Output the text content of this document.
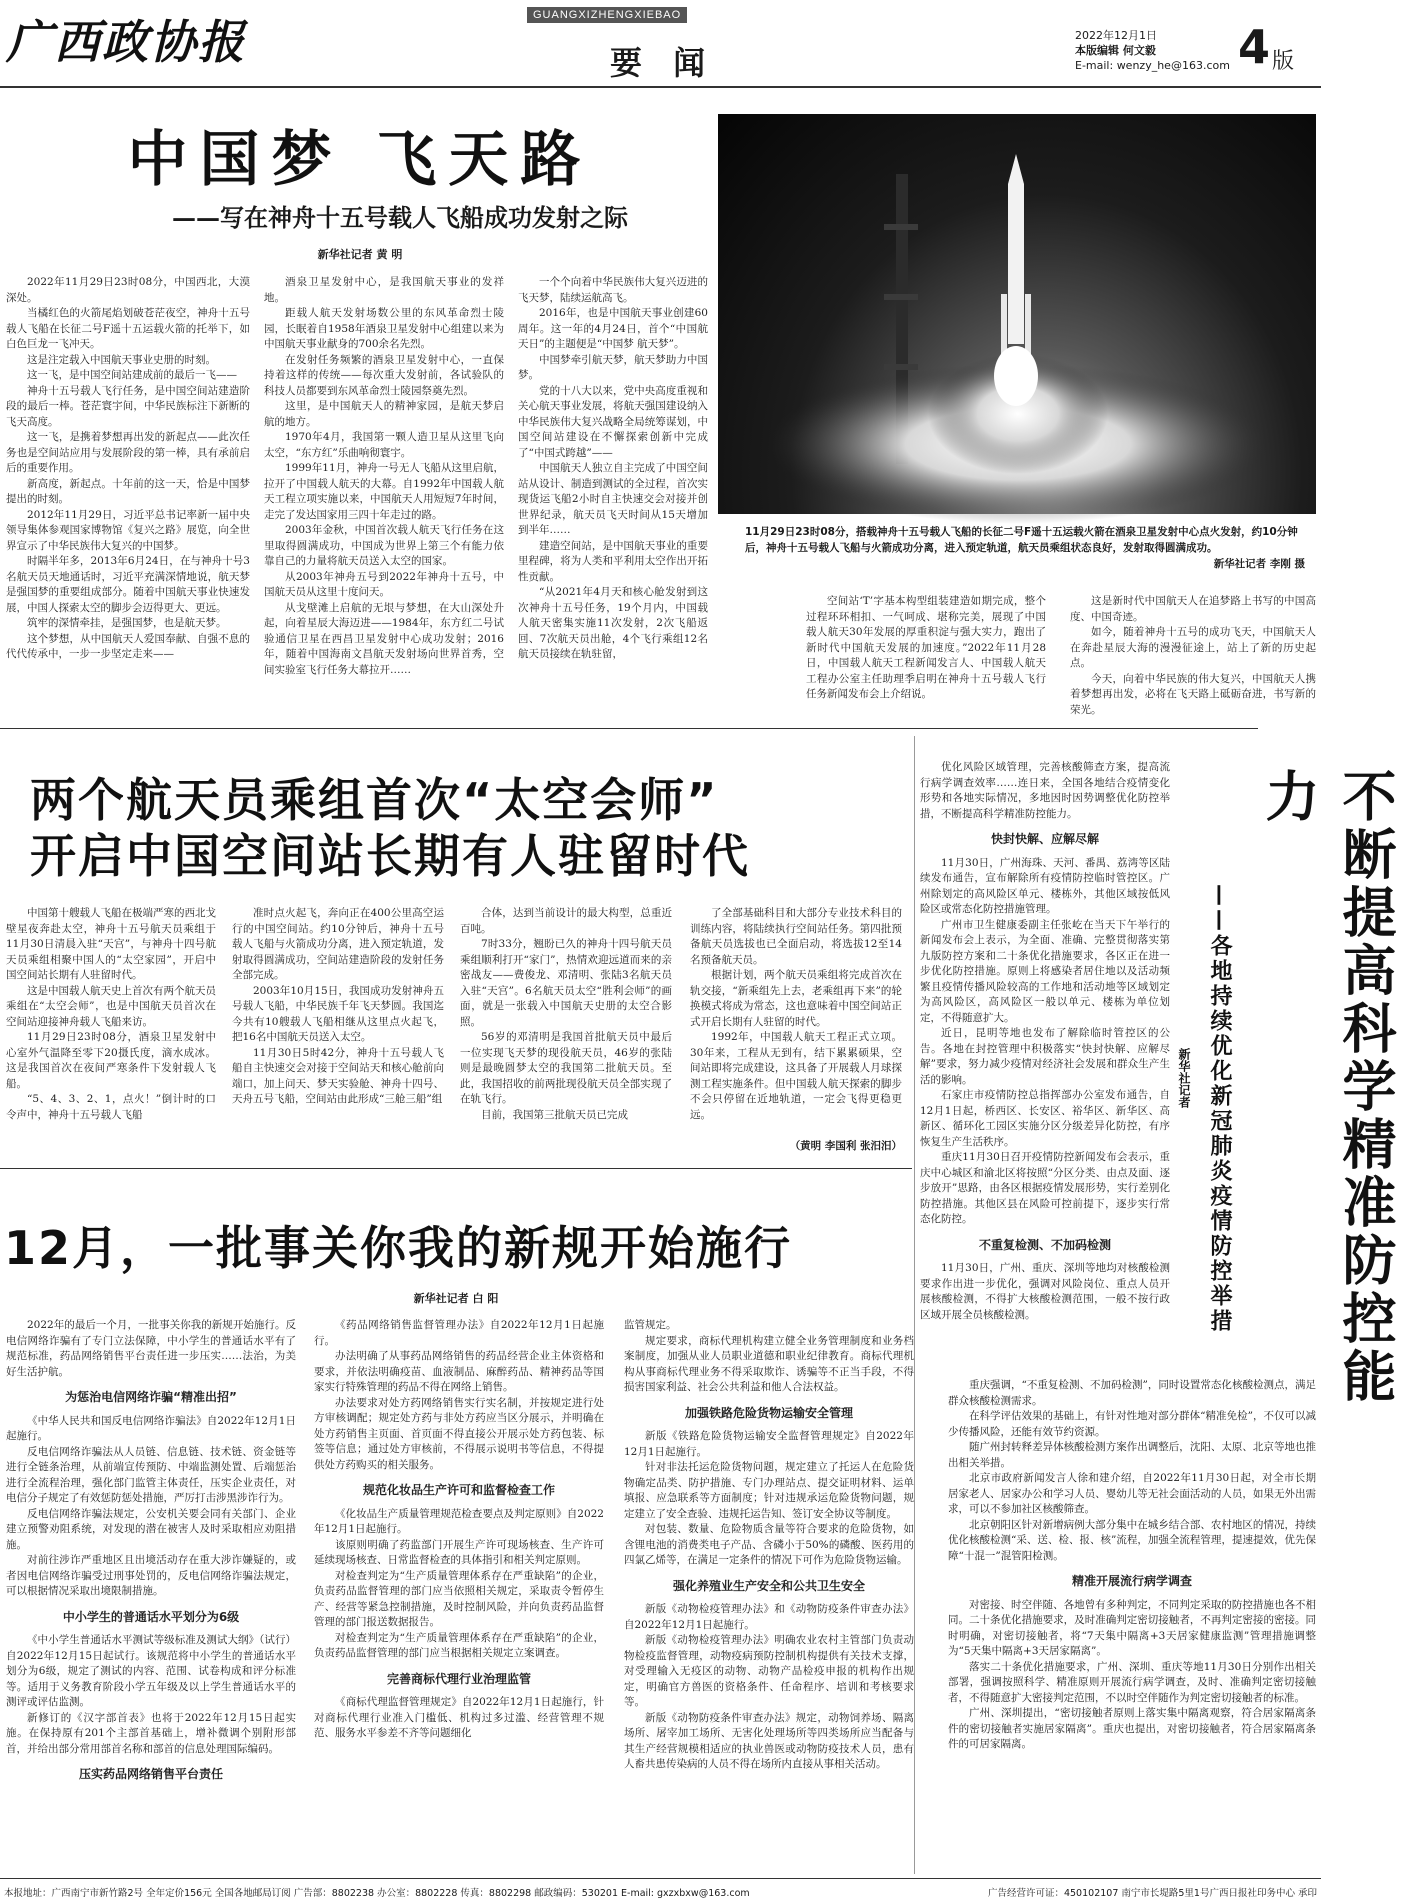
广西政协报	GUANGXIZHENGXIEBAO
要 闻
2022年12月1日
本版编辑 何文毅
E-mail: wenzy_he@163.com 4 版
中国梦 飞天路
——写在神舟十五号载人飞船成功发射之际
新华社记者 黄 明

2022年11月29日23时08分，中国西北，大漠深处。

当橘红色的火箭尾焰划破苍茫夜空，神舟十五号载人飞船在长征二号F遥十五运载火箭的托举下，如白色巨龙一飞冲天。

这是注定载入中国航天事业史册的时刻。

这一飞，是中国空间站建成前的最后一飞——

神舟十五号载人飞行任务，是中国空间站建造阶段的最后一棒。苍茫寰宇间，中华民族标注下新断的飞天高度。

这一飞，是携着梦想再出发的新起点——此次任务也是空间站应用与发展阶段的第一棒，具有承前启后的重要作用。

新高度，新起点。十年前的这一天，恰是中国梦提出的时刻。

2012年11月29日，习近平总书记率新一届中央领导集体参观国家博物馆《复兴之路》展览，向全世界宣示了中华民族伟大复兴的中国梦。

时隔半年多，2013年6月24日，在与神舟十号3名航天员天地通话时，习近平充满深情地说，航天梦是强国梦的重要组成部分。随着中国航天事业快速发展，中国人探索太空的脚步会迈得更大、更远。

筑牢的深情牵挂，是强国梦，也是航天梦。

这个梦想，从中国航天人爱国奉献、自强不息的代代传承中，一步一步坚定走来——

酒泉卫星发射中心，是我国航天事业的发祥地。

距载人航天发射场数公里的东风革命烈士陵园，长眠着自1958年酒泉卫星发射中心组建以来为中国航天事业献身的700余名先烈。

在发射任务频繁的酒泉卫星发射中心，一直保持着这样的传统——每次重大发射前，各试验队的科技人员都要到东风革命烈士陵园祭奠先烈。

这里，是中国航天人的精神家园，是航天梦启航的地方。

1970年4月，我国第一颗人造卫星从这里飞向太空，“东方红”乐曲响彻寰宇。

1999年11月，神舟一号无人飞船从这里启航，拉开了中国载人航天的大幕。自1992年中国载人航天工程立项实施以来，中国航天人用短短7年时间，走完了发达国家用三四十年走过的路。

2003年金秋，中国首次载人航天飞行任务在这里取得圆满成功，中国成为世界上第三个有能力依靠自己的力量将航天员送入太空的国家。

从2003年神舟五号到2022年神舟十五号，中国航天员从这里十度问天。

从戈壁滩上启航的无垠与梦想，在大山深处升起，向着星辰大海迈进——1984年，东方红二号试验通信卫星在西昌卫星发射中心成功发射；2016年，随着中国海南文昌航天发射场向世界首秀，空间实验室飞行任务大幕拉开……

一个个向着中华民族伟大复兴迈进的飞天梦，陆续运航高飞。

2016年，也是中国航天事业创建60周年。这一年的4月24日，首个“中国航天日”的主题便是“中国梦 航天梦”。

中国梦牵引航天梦，航天梦助力中国梦。

党的十八大以来，党中央高度重视和关心航天事业发展，将航天强国建设纳入中华民族伟大复兴战略全局统筹谋划，中国空间站建设在不懈探索创新中完成了“中国式跨越”——

中国航天人独立自主完成了中国空间站从设计、制造到测试的全过程，首次实现货运飞船2小时自主快速交会对接并创世界纪录，航天员飞天时间从15天增加到半年……

建造空间站，是中国航天事业的重要里程碑，将为人类和平利用太空作出开拓性贡献。

“从2021年4月天和核心舱发射到这次神舟十五号任务，19个月内，中国载人航天密集实施11次发射，2次飞船返回、7次航天员出舱，4个飞行乘组12名航天员接续在轨驻留，

11月29日23时08分，搭载神舟十五号载人飞船的长征二号F遥十五运载火箭在酒泉卫星发射中心点火发射，约10分钟后，神舟十五号载人飞船与火箭成功分离，进入预定轨道，航天员乘组状态良好，发射取得圆满成功。
新华社记者 李刚 摄

空间站‘T’字基本构型组装建造如期完成，整个过程环环相扣、一气呵成、堪称完美，展现了中国载人航天30年发展的厚重积淀与强大实力，跑出了新时代中国航天发展的加速度。”2022年11月28日，中国载人航天工程新闻发言人、中国载人航天工程办公室主任助理季启明在神舟十五号载人飞行任务新闻发布会上介绍说。

这是新时代中国航天人在追梦路上书写的中国高度、中国奇迹。

如今，随着神舟十五号的成功飞天，中国航天人在奔赴星辰大海的漫漫征途上，站上了新的历史起点。

今天，向着中华民族的伟大复兴，中国航天人携着梦想再出发，必将在飞天路上砥砺奋进，书写新的荣光。

两个航天员乘组首次“太空会师”
开启中国空间站长期有人驻留时代

中国第十艘载人飞船在极端严寒的西北戈壁星夜奔赴太空，神舟十五号航天员乘组于11月30日清晨入驻“天宫”，与神舟十四号航天员乘组相聚中国人的“太空家园”，开启中国空间站长期有人驻留时代。

这是中国载人航天史上首次有两个航天员乘组在“太空会师”，也是中国航天员首次在空间站迎接神舟载人飞船来访。

11月29日23时08分，酒泉卫星发射中心室外气温降至零下20摄氏度，滴水成冰。这是我国首次在夜间严寒条件下发射载人飞船。

“5、4、3、2、1，点火！”倒计时的口令声中，神舟十五号载人飞船

准时点火起飞，奔向正在400公里高空运行的中国空间站。约10分钟后，神舟十五号载人飞船与火箭成功分离，进入预定轨道，发射取得圆满成功，空间站建造阶段的发射任务全部完成。

2003年10月15日，我国成功发射神舟五号载人飞船，中华民族千年飞天梦圆。我国迄今共有10艘载人飞船相继从这里点火起飞，把16名中国航天员送入太空。

11月30日5时42分，神舟十五号载人飞船自主快速交会对接于空间站天和核心舱前向端口，加上问天、梦天实验舱、神舟十四号、天舟五号飞船，空间站由此形成“三舱三船”组

合体，达到当前设计的最大构型，总重近百吨。

7时33分，翘盼已久的神舟十四号航天员乘组顺利打开“家门”，热情欢迎远道而来的亲密战友——费俊龙、邓清明、张陆3名航天员入驻“天宫”。6名航天员太空“胜利会师”的画面，就是一张载入中国航天史册的太空合影照。

56岁的邓清明是我国首批航天员中最后一位实现飞天梦的现役航天员，46岁的张陆则是最晚圆梦太空的我国第二批航天员。至此，我国招收的前两批现役航天员全部实现了在轨飞行。

目前，我国第三批航天员已完成

了全部基础科目和大部分专业技术科目的训练内容，将陆续执行空间站任务。第四批预备航天员选拔也已全面启动，将选拔12至14名预备航天员。

根据计划，两个航天员乘组将完成首次在轨交接，“新乘组先上去，老乘组再下来”的轮换模式将成为常态，这也意味着中国空间站正式开启长期有人驻留的时代。

1992年，中国载人航天工程正式立项。30年来，工程从无到有，结下累累硕果，空间站即将完成建设，这具备了开展载人月球探测工程实施条件。但中国载人航天探索的脚步不会只停留在近地轨道，一定会飞得更稳更远。

（黄明 李国利 张汨汨）
12月，一批事关你我的新规开始施行
新华社记者 白 阳

2022年的最后一个月，一批事关你我的新规开始施行。反电信网络诈骗有了专门立法保障，中小学生的普通话水平有了规范标准，药品网络销售平台责任进一步压实……法治，为美好生活护航。

为惩治电信网络诈骗“精准出招”

《中华人民共和国反电信网络诈骗法》自2022年12月1日起施行。

反电信网络诈骗法从人员链、信息链、技术链、资金链等进行全链条治理，从前端宣传预防、中端监测处置、后端惩治进行全流程治理，强化部门监管主体责任，压实企业责任，对电信分子规定了有效惩防惩处措施，严厉打击涉黑涉诈行为。

反电信网络诈骗法规定，公安机关要会同有关部门、企业建立预警劝阻系统，对发现的潜在被害人及时采取相应劝阻措施。

对前往涉诈严重地区且出境活动存在重大涉诈嫌疑的，或者因电信网络诈骗受过刑事处罚的，反电信网络诈骗法规定，可以根据情况采取出境限制措施。

中小学生的普通话水平划分为6级

《中小学生普通话水平测试等级标准及测试大纲》（试行）自2022年12月15日起试行。该规范将中小学生的普通话水平划分为6级，规定了测试的内容、范围、试卷构成和评分标准等。适用于义务教育阶段小学五年级及以上学生普通话水平的测评或评估监测。

新修订的《汉字部首表》也将于2022年12月15日起实施。在保持原有201个主部首基础上，增补微调个别附形部首，并给出部分常用部首名称和部首的信息处理国际编码。

压实药品网络销售平台责任

《药品网络销售监督管理办法》自2022年12月1日起施行。

办法明确了从事药品网络销售的药品经营企业主体资格和要求，并依法明确疫苗、血液制品、麻醉药品、精神药品等国家实行特殊管理的药品不得在网络上销售。

办法要求对处方药网络销售实行实名制，并按规定进行处方审核调配；规定处方药与非处方药应当区分展示，并明确在处方药销售主页面、首页面不得直接公开展示处方药包装、标签等信息；通过处方审核前，不得展示说明书等信息，不得提供处方药购买的相关服务。

规范化妆品生产许可和监督检查工作

《化妆品生产质量管理规范检查要点及判定原则》自2022年12月1日起施行。

该原则明确了药监部门开展生产许可现场核查、生产许可延续现场核查、日常监督检查的具体指引和相关判定原则。

对检查判定为“生产质量管理体系存在严重缺陷”的企业，负责药品监督管理的部门应当依照相关规定，采取责令暂停生产、经营等紧急控制措施，及时控制风险，并向负责药品监督管理的部门报送数据报告。

对检查判定为“生产质量管理体系存在严重缺陷”的企业，负责药品监督管理的部门应当根据相关规定立案调查。

完善商标代理行业治理监管

《商标代理监督管理规定》自2022年12月1日起施行，针对商标代理行业准入门槛低、机构过多过滥、经营管理不规范、服务水平参差不齐等问题细化

监管规定。

规定要求，商标代理机构建立健全业务管理制度和业务档案制度，加强从业人员职业道德和职业纪律教育。商标代理机构从事商标代理业务不得采取欺诈、诱骗等不正当手段，不得损害国家利益、社会公共利益和他人合法权益。

加强铁路危险货物运输安全管理

新版《铁路危险货物运输安全监督管理规定》自2022年12月1日起施行。

针对非法托运危险货物问题，规定建立了托运人在危险货物确定品类、防护措施、专门办理站点、提交证明材料、运单填报、应急联系等方面制度；针对违规承运危险货物问题，规定建立了安全查验、违规托运告知、签订安全协议等制度。

对包装、数量、危险物质含量等符合要求的危险货物，如含锂电池的消费类电子产品、含磷小于50%的磷酸、医药用的四氯乙烯等，在满足一定条件的情况下可作为危险货物运输。

强化养殖业生产安全和公共卫生安全

新版《动物检疫管理办法》和《动物防疫条件审查办法》自2022年12月1日起施行。

新版《动物检疫管理办法》明确农业农村主管部门负责动物检疫监督管理，动物疫病预防控制机构提供有关技术支撑，对受理输入无疫区的动物、动物产品检疫申报的机构作出规定，明确官方兽医的资格条件、任命程序、培训和考核要求等。

新版《动物防疫条件审查办法》规定，动物饲养场、隔离场所、屠宰加工场所、无害化处理场所等四类场所应当配备与其生产经营规模相适应的执业兽医或动物防疫技术人员，患有人畜共患传染病的人员不得在场所内直接从事相关活动。

优化风险区域管理，完善核酸筛查方案，提高流行病学调查效率……连日来，全国各地结合疫情变化形势和各地实际情况，多地因时因势调整优化防控举措，不断提高科学精准防控能力。

快封快解、应解尽解

11月30日，广州海珠、天河、番禺、荔湾等区陆续发布通告，宣布解除所有疫情防控临时管控区。广州除划定的高风险区单元、楼栋外，其他区域按低风险区或常态化防控措施管理。

广州市卫生健康委副主任张屹在当天下午举行的新闻发布会上表示，为全面、准确、完整贯彻落实第九版防控方案和二十条优化措施要求，各区正在进一步优化防控措施。原则上将感染者居住地以及活动频繁且疫情传播风险较高的工作地和活动地等区域划定为高风险区，高风险区一般以单元、楼栋为单位划定，不得随意扩大。

近日，昆明等地也发布了解除临时管控区的公告。各地在封控管理中积极落实“快封快解、应解尽解”要求，努力减少疫情对经济社会发展和群众生产生活的影响。

石家庄市疫情防控总指挥部办公室发布通告，自12月1日起，桥西区、长安区、裕华区、新华区、高新区、循环化工园区实施分区分级差异化防控，有序恢复生产生活秩序。

重庆11月30日召开疫情防控新闻发布会表示，重庆中心城区和渝北区将按照“分区分类、由点及面、逐步放开”思路，由各区根据疫情发展形势，实行差别化防控措施。其他区县在风险可控前提下，逐步实行常态化防控。

不重复检测、不加码检测

11月30日，广州、重庆、深圳等地均对核酸检测要求作出进一步优化，强调对风险岗位、重点人员开展核酸检测，不得扩大核酸检测范围，一般不按行政区域开展全员核酸检测。	不断提高科学精准防控能力
——各地持续优化新冠肺炎疫情防控举措
新华社记者

重庆强调，“不重复检测、不加码检测”，同时设置常态化核酸检测点，满足群众核酸检测需求。

在科学评估效果的基础上，有针对性地对部分群体“精准免检”，不仅可以减少传播风险，还能有效节约资源。

随广州封转释差异体核酸检测方案作出调整后，沈阳、太原、北京等地也推出相关举措。

北京市政府新闻发言人徐和建介绍，自2022年11月30日起，对全市长期居家老人、居家办公和学习人员、婴幼儿等无社会面活动的人员，如果无外出需求，可以不参加社区核酸筛查。

北京朝阳区针对新增病例大部分集中在城乡结合部、农村地区的情况，持续优化核酸检测“采、送、检、报、核”流程，加强全流程管理，提速提效，优先保障“十混一”混管阳检测。

精准开展流行病学调查

对密接、时空伴随、各地曾有多种判定，不同判定采取的防控措施也各不相同。二十条优化措施要求，及时准确判定密切接触者，不再判定密接的密接。同时明确，对密切接触者，将“7天集中隔离+3天居家健康监测”管理措施调整为“5天集中隔离+3天居家隔离”。

落实二十条优化措施要求，广州、深圳、重庆等地11月30日分别作出相关部署，强调按照科学、精准原则开展流行病学调查，及时、准确判定密切接触者，不得随意扩大密接判定范围，不以时空伴随作为判定密切接触者的标准。

广州、深圳提出，“密切接触者原则上落实集中隔离观察，符合居家隔离条件的密切接触者实施居家隔离”。重庆也提出，对密切接触者，符合居家隔离条件的可居家隔离。

本报地址：广西南宁市新竹路2号 全年定价156元 全国各地邮局订阅 广告部：8802238 办公室：8802228 传真：8802298 邮政编码：530201 E-mail: gxzxbxw@163.com	广告经营许可证：450102107 南宁市长堤路5里1号广西日报社印务中心 承印
